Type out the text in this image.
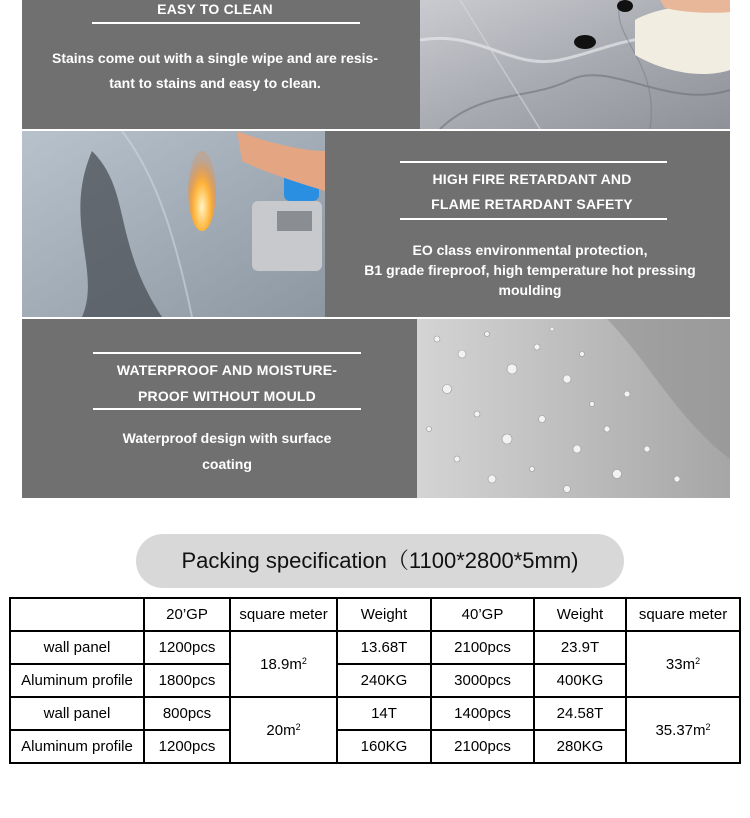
EASY TO CLEAN
Stains come out with a single wipe and are resis-
tant to stains and easy to clean.
HIGH FIRE RETARDANT AND
FLAME RETARDANT SAFETY
EO class environmental protection,
B1 grade fireproof, high temperature hot pressing
moulding
WATERPROOF AND MOISTURE-
PROOF WITHOUT MOULD
Waterproof design with surface
coating
Packing specification（1100*2800*5mm)
	20’GP	square meter	Weight	40’GP	Weight	square meter
wall panel	1200pcs	$18.9m^2$	13.68T	2100pcs	23.9T	$33m^2$
Aluminum profile	1800pcs		240KG	3000pcs	400KG	
wall panel	800pcs	$20m^2$	14T	1400pcs	24.58T	$35.37m^2$
Aluminum profile	1200pcs		160KG	2100pcs	280KG	
